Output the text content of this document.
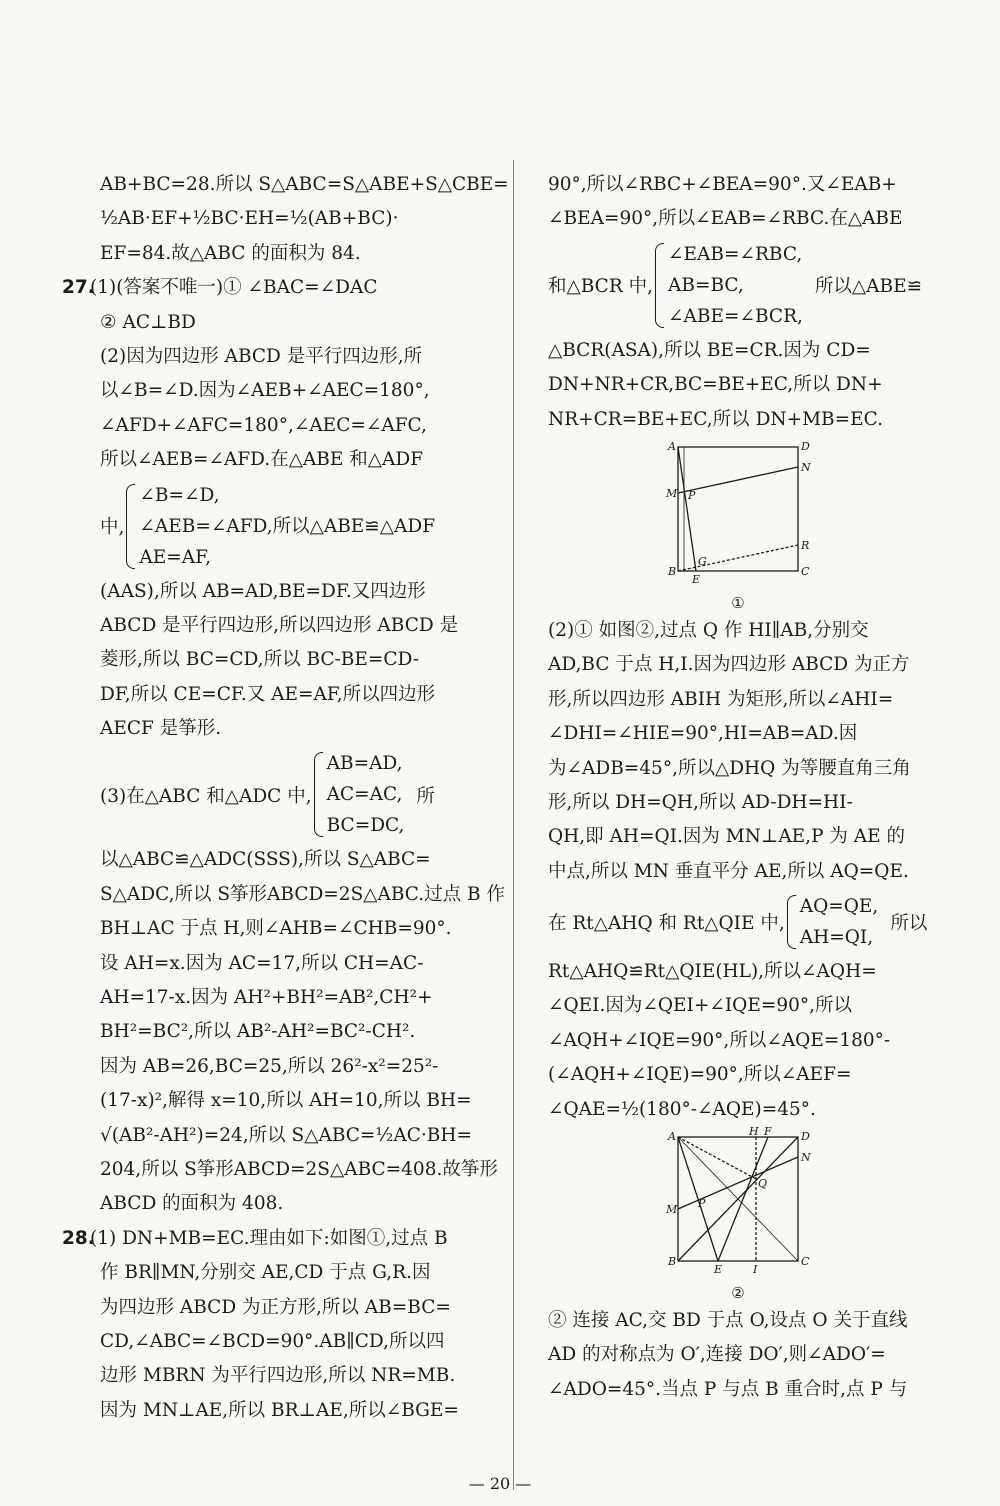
AB+BC=28.所以 S△ABC=S△ABE+S△CBE=
½AB·EF+½BC·EH=½(AB+BC)·
EF=84.故△ABC 的面积为 84.
27.(1)(答案不唯一)① ∠BAC=∠DAC
② AC⊥BD
(2)因为四边形 ABCD 是平行四边形,所
以∠B=∠D.因为∠AEB+∠AEC=180°,
∠AFD+∠AFC=180°,∠AEC=∠AFC,
所以∠AEB=∠AFD.在△ABE 和△ADF
中,
∠B=∠D,
∠AEB=∠AFD,所以△ABE≌△ADF
AE=AF,
(AAS),所以 AB=AD,BE=DF.又四边形
ABCD 是平行四边形,所以四边形 ABCD 是
菱形,所以 BC=CD,所以 BC-BE=CD-
DF,所以 CE=CF.又 AE=AF,所以四边形
AECF 是筝形.
(3)在△ABC 和△ADC 中,
AB=AD,
AC=AC,
BC=DC,
所
以△ABC≌△ADC(SSS),所以 S△ABC=
S△ADC,所以 S筝形ABCD=2S△ABC.过点 B 作
BH⊥AC 于点 H,则∠AHB=∠CHB=90°.
设 AH=x.因为 AC=17,所以 CH=AC-
AH=17-x.因为 AH²+BH²=AB²,CH²+
BH²=BC²,所以 AB²-AH²=BC²-CH².
因为 AB=26,BC=25,所以 26²-x²=25²-
(17-x)²,解得 x=10,所以 AH=10,所以 BH=
√(AB²-AH²)=24,所以 S△ABC=½AC·BH=
204,所以 S筝形ABCD=2S△ABC=408.故筝形
ABCD 的面积为 408.
28.(1) DN+MB=EC.理由如下:如图①,过点 B
作 BR∥MN,分别交 AE,CD 于点 G,R.因
为四边形 ABCD 为正方形,所以 AB=BC=
CD,∠ABC=∠BCD=90°.AB∥CD,所以四
边形 MBRN 为平行四边形,所以 NR=MB.
因为 MN⊥AE,所以 BR⊥AE,所以∠BGE=
90°,所以∠RBC+∠BEA=90°.又∠EAB+
∠BEA=90°,所以∠EAB=∠RBC.在△ABE
和△BCR 中,
∠EAB=∠RBC,
AB=BC,
∠ABE=∠BCR,
所以△ABE≌
△BCR(ASA),所以 BE=CR.因为 CD=
DN+NR+CR,BC=BE+EC,所以 DN+
NR+CR=BE+EC,所以 DN+MB=EC.
A	D
N
M P
R
B
G
E
C
①
(2)① 如图②,过点 Q 作 HI∥AB,分别交
AD,BC 于点 H,I.因为四边形 ABCD 为正方
形,所以四边形 ABIH 为矩形,所以∠AHI=
∠DHI=∠HIE=90°,HI=AB=AD.因
为∠ADB=45°,所以△DHQ 为等腰直角三角
形,所以 DH=QH,所以 AD-DH=HI-
QH,即 AH=QI.因为 MN⊥AE,P 为 AE 的
中点,所以 MN 垂直平分 AE,所以 AQ=QE.
在 Rt△AHQ 和 Rt△QIE 中,
AQ=QE,
AH=QI,
所以
Rt△AHQ≌Rt△QIE(HL),所以∠AQH=
∠QEI.因为∠QEI+∠IQE=90°,所以
∠AQH+∠IQE=90°,所以∠AQE=180°-
(∠AQH+∠IQE)=90°,所以∠AEF=
∠QAE=½(180°-∠AQE)=45°.
A	H F	D
N
Q
M P
B
E	I
C
②
② 连接 AC,交 BD 于点 O,设点 O 关于直线
AD 的对称点为 O′,连接 DO′,则∠ADO′=
∠ADO=45°.当点 P 与点 B 重合时,点 P 与
— 20 —
